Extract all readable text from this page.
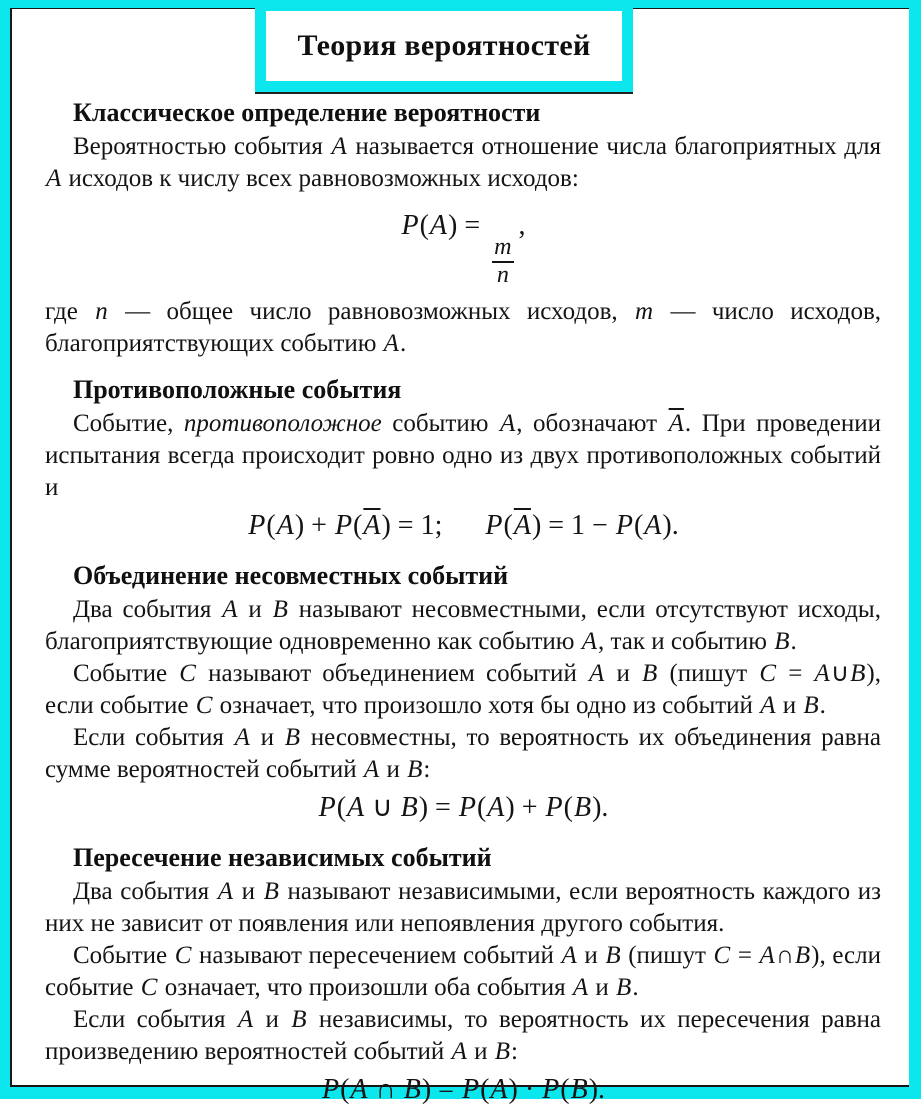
Классическое определение вероятности

Вероятностью события A называется отношение числа благоприятных для A исходов к числу всех равновозможных исходов:

P(A) =
$\frac{m}{n}$
,

где n — общее число равновозможных исходов, m — число исходов, благоприятствующих событию A.

Противоположные события

Событие, противоположное событию A, обозначают $\overline{A}$. При проведении испытания всегда происходит ровно одно из двух противоположных событий и

$P(A) + P(\overline{A}) = 1$;   $P(\overline{A}) = 1 - P(A)$.
Объединение несовместных событий

Два события A и B называют несовместными, если отсутствуют исходы, благоприятствующие одновременно как событию A, так и событию B.

Событие C называют объединением событий A и B (пишут C = A∪B), если событие C означает, что произошло хотя бы одно из событий A и B.

Если события A и B несовместны, то вероятность их объединения равна сумме вероятностей событий A и B:

P(A ∪ B) = P(A) + P(B).
Пересечение независимых событий

Два события A и B называют независимыми, если вероятность каждого из них не зависит от появления или непоявления другого события.

Событие C называют пересечением событий A и B (пишут C = A∩B), если событие C означает, что произошли оба события A и B.

Если события A и B независимы, то вероятность их пересечения равна произведению вероятностей событий A и B:

P(A ∩ B) = P(A) · P(B).
Теория вероятностей
